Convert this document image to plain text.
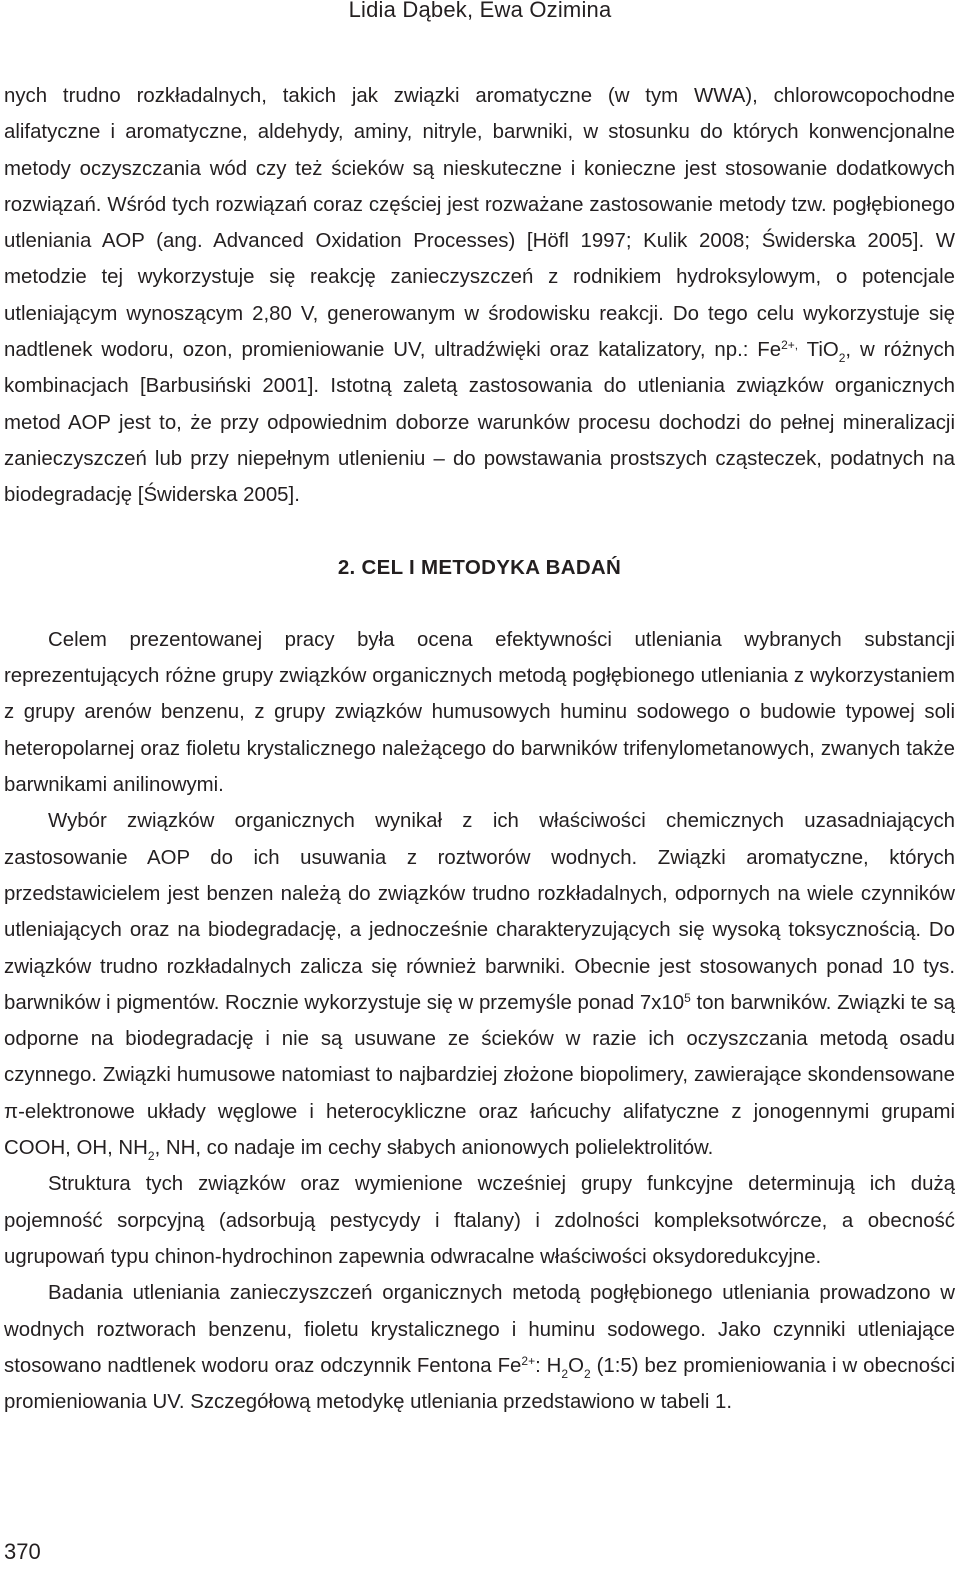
Lidia Dąbek, Ewa Ozimina

nych trudno rozkładalnych, takich jak związki aromatyczne (w tym WWA), chlorowcopochodne alifatyczne i aromatyczne, aldehydy, aminy, nitryle, barwniki, w stosunku do których konwencjonalne metody oczyszczania wód czy też ścieków są nieskuteczne i konieczne jest stosowanie dodatkowych rozwiązań. Wśród tych rozwiązań coraz częściej jest rozważane zastosowanie metody tzw. pogłębionego utleniania AOP (ang. Advanced Oxidation Processes) [Höfl 1997; Kulik 2008; Świderska 2005]. W metodzie tej wykorzystuje się reakcję zanieczyszczeń z rodnikiem hydroksylowym, o potencjale utleniającym wynoszącym 2,80 V, generowanym w środowisku reakcji. Do tego celu wykorzystuje się nadtlenek wodoru, ozon, promieniowanie UV, ultradźwięki oraz katalizatory, np.: $Fe^{2+,}$ TiO$_2$, w różnych kombinacjach [Barbusiński 2001]. Istotną zaletą zastosowania do utleniania związków organicznych metod AOP jest to, że przy odpowiednim doborze warunków procesu dochodzi do pełnej mineralizacji zanieczyszczeń lub przy niepełnym utlenieniu – do powstawania prostszych cząsteczek, podatnych na biodegradację [Świderska 2005].

2. CEL I METODYKA BADAŃ

Celem prezentowanej pracy była ocena efektywności utleniania wybranych substancji reprezentujących różne grupy związków organicznych metodą pogłębionego utleniania z wykorzystaniem z grupy arenów benzenu, z grupy związków humusowych huminu sodowego o budowie typowej soli heteropolarnej oraz fioletu krystalicznego należącego do barwników trifenylometanowych, zwanych także barwnikami anilinowymi.

Wybór związków organicznych wynikał z ich właściwości chemicznych uzasadniających zastosowanie AOP do ich usuwania z roztworów wodnych. Związki aromatyczne, których przedstawicielem jest benzen należą do związków trudno rozkładalnych, odpornych na wiele czynników utleniających oraz na biodegradację, a jednocześnie charakteryzujących się wysoką toksycznością. Do związków trudno rozkładalnych zalicza się również barwniki. Obecnie jest stosowanych ponad 10 tys. barwników i pigmentów. Rocznie wykorzystuje się w przemyśle ponad $7x10^5$ ton barwników. Związki te są odporne na biodegradację i nie są usuwane ze ścieków w razie ich oczyszczania metodą osadu czynnego. Związki humusowe natomiast to najbardziej złożone biopolimery, zawierające skondensowane π-elektronowe układy węglowe i heterocykliczne oraz łańcuchy alifatyczne z jonogennymi grupami COOH, OH, $NH_2$, NH, co nadaje im cechy słabych anionowych polielektrolitów.

Struktura tych związków oraz wymienione wcześniej grupy funkcyjne determinują ich dużą pojemność sorpcyjną (adsorbują pestycydy i ftalany) i zdolności kompleksotwórcze, a obecność ugrupowań typu chinon-hydrochinon zapewnia odwracalne właściwości oksydoredukcyjne.

Badania utleniania zanieczyszczeń organicznych metodą pogłębionego utleniania prowadzono w wodnych roztworach benzenu, fioletu krystalicznego i huminu sodowego. Jako czynniki utleniające stosowano nadtlenek wodoru oraz odczynnik Fentona $Fe^{2+}$: $H_2O_2$ (1:5) bez promieniowania i w obecności promieniowania UV. Szczegółową metodykę utleniania przedstawiono w tabeli 1.

370
